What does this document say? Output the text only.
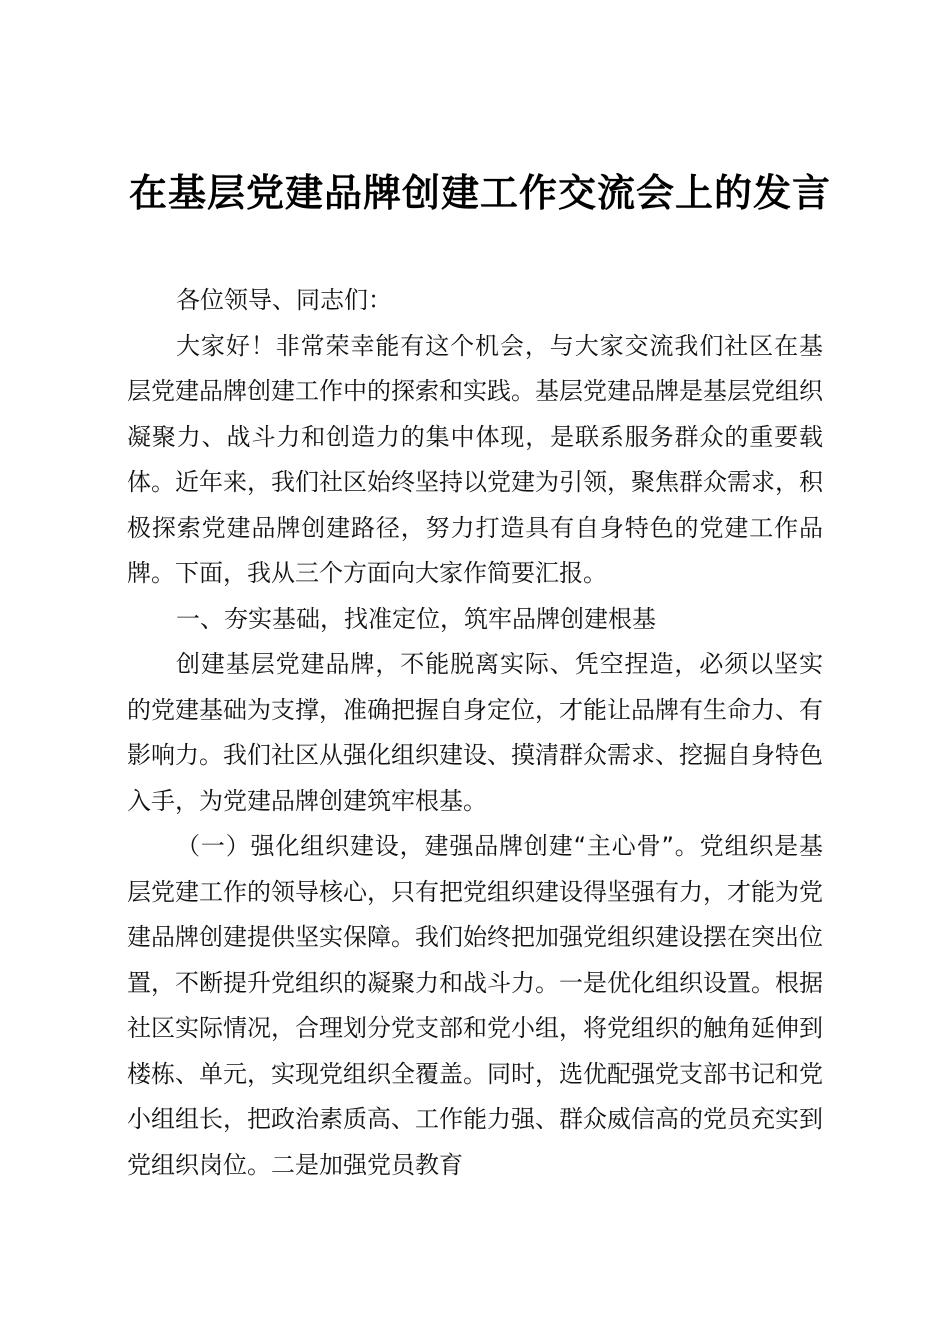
在基层党建品牌创建工作交流会上的发言

各位领导、同志们：

大家好！非常荣幸能有这个机会，与大家交流我们社区在基层党建品牌创建工作中的探索和实践。基层党建品牌是基层党组织凝聚力、战斗力和创造力的集中体现，是联系服务群众的重要载体。近年来，我们社区始终坚持以党建为引领，聚焦群众需求，积极探索党建品牌创建路径，努力打造具有自身特色的党建工作品牌。下面，我从三个方面向大家作简要汇报。

一、夯实基础，找准定位，筑牢品牌创建根基

创建基层党建品牌，不能脱离实际、凭空捏造，必须以坚实的党建基础为支撑，准确把握自身定位，才能让品牌有生命力、有影响力。我们社区从强化组织建设、摸清群众需求、挖掘自身特色入手，为党建品牌创建筑牢根基。

（一）强化组织建设，建强品牌创建“主心骨”。党组织是基层党建工作的领导核心，只有把党组织建设得坚强有力，才能为党建品牌创建提供坚实保障。我们始终把加强党组织建设摆在突出位置，不断提升党组织的凝聚力和战斗力。一是优化组织设置。根据社区实际情况，合理划分党支部和党小组，将党组织的触角延伸到楼栋、单元，实现党组织全覆盖。同时，选优配强党支部书记和党小组组长，把政治素质高、工作能力强、群众威信高的党员充实到党组织岗位。二是加强党员教育
